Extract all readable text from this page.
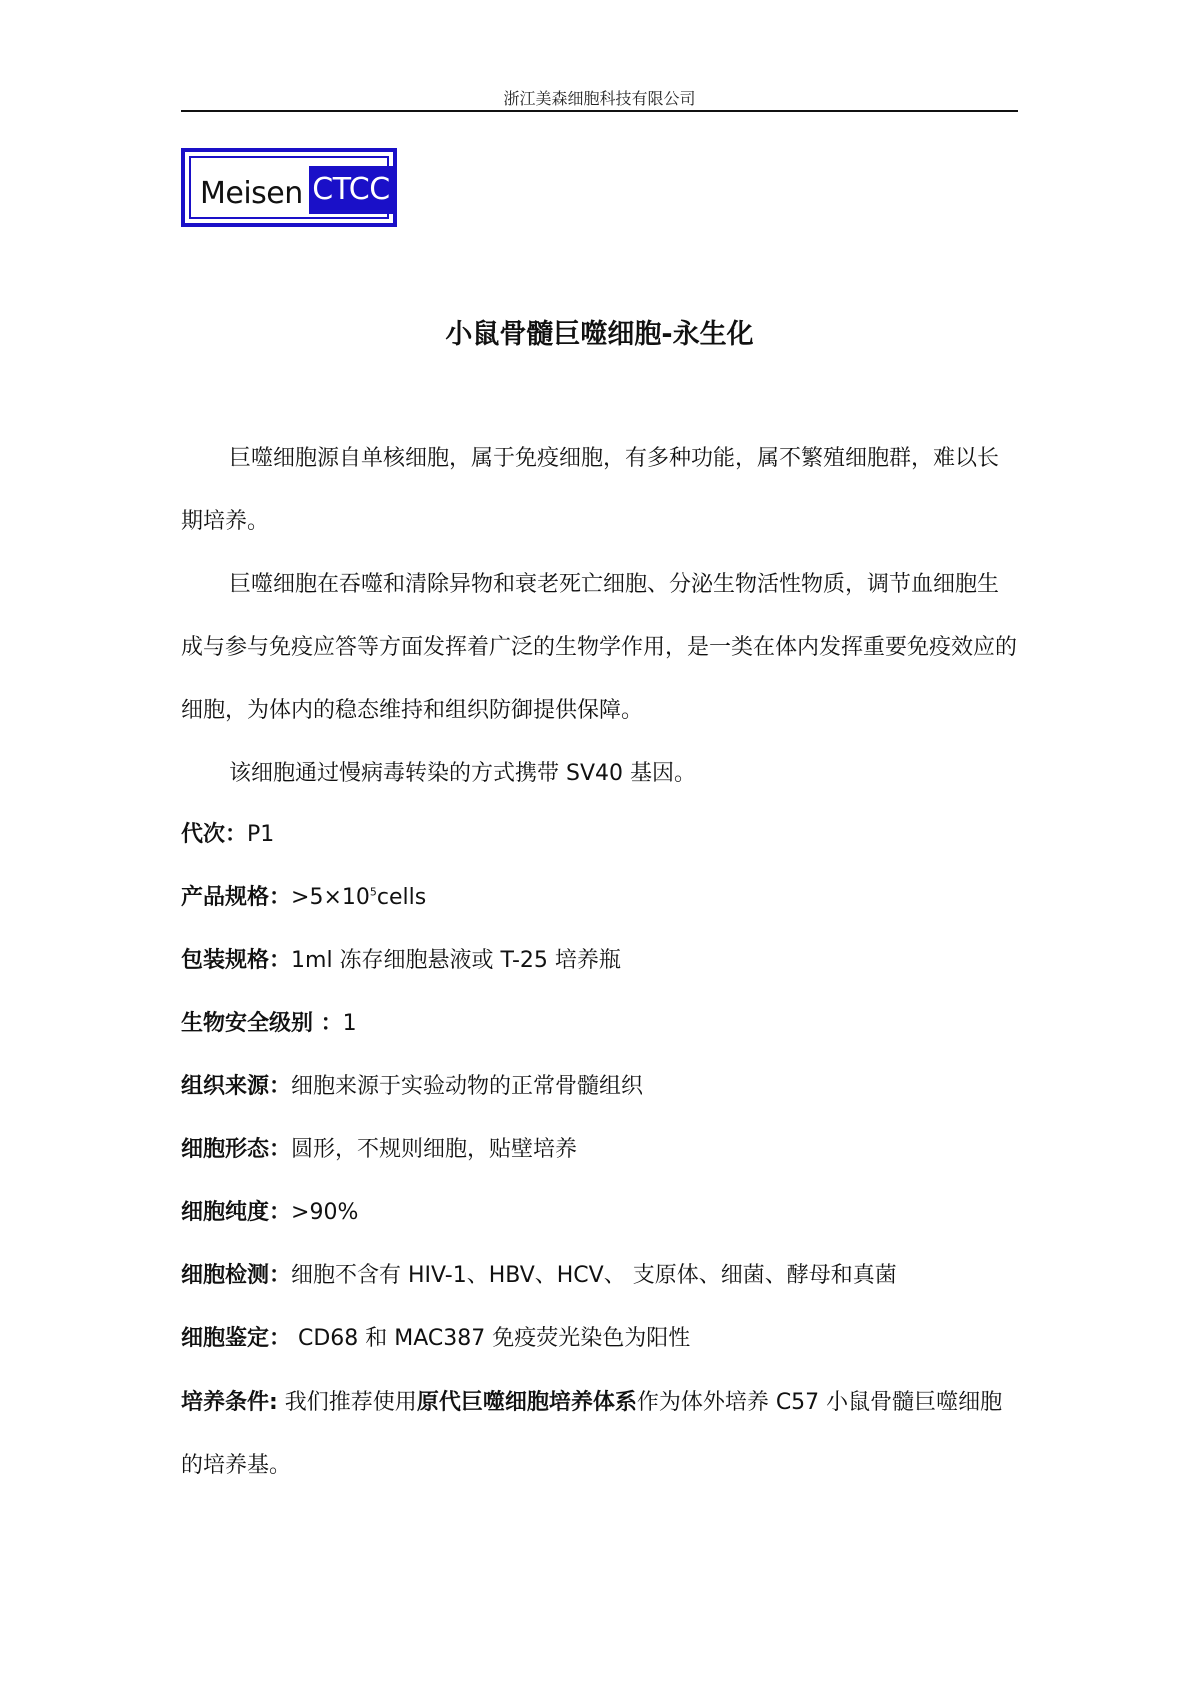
浙江美森细胞科技有限公司
Meisen CTCC
小鼠骨髓巨噬细胞-永生化
巨噬细胞源自单核细胞，属于免疫细胞，有多种功能，属不繁殖细胞群，难以长期培养。
巨噬细胞在吞噬和清除异物和衰老死亡细胞、分泌生物活性物质，调节血细胞生成与参与免疫应答等方面发挥着广泛的生物学作用，是一类在体内发挥重要免疫效应的细胞，为体内的稳态维持和组织防御提供保障。
该细胞通过慢病毒转染的方式携带 SV40 基因。
代次：P1
产品规格：$>5\times 10^5cells$
包装规格：1ml 冻存细胞悬液或 T-25 培养瓶
生物安全级别 ：1
组织来源：细胞来源于实验动物的正常骨髓组织
细胞形态：圆形，不规则细胞，贴壁培养
细胞纯度：>90%
细胞检测：细胞不含有 HIV-1、HBV、HCV、 支原体、细菌、酵母和真菌
细胞鉴定： CD68 和 MAC387 免疫荧光染色为阳性
培养条件: 我们推荐使用原代巨噬细胞培养体系作为体外培养 C57 小鼠骨髓巨噬细胞的培养基。
